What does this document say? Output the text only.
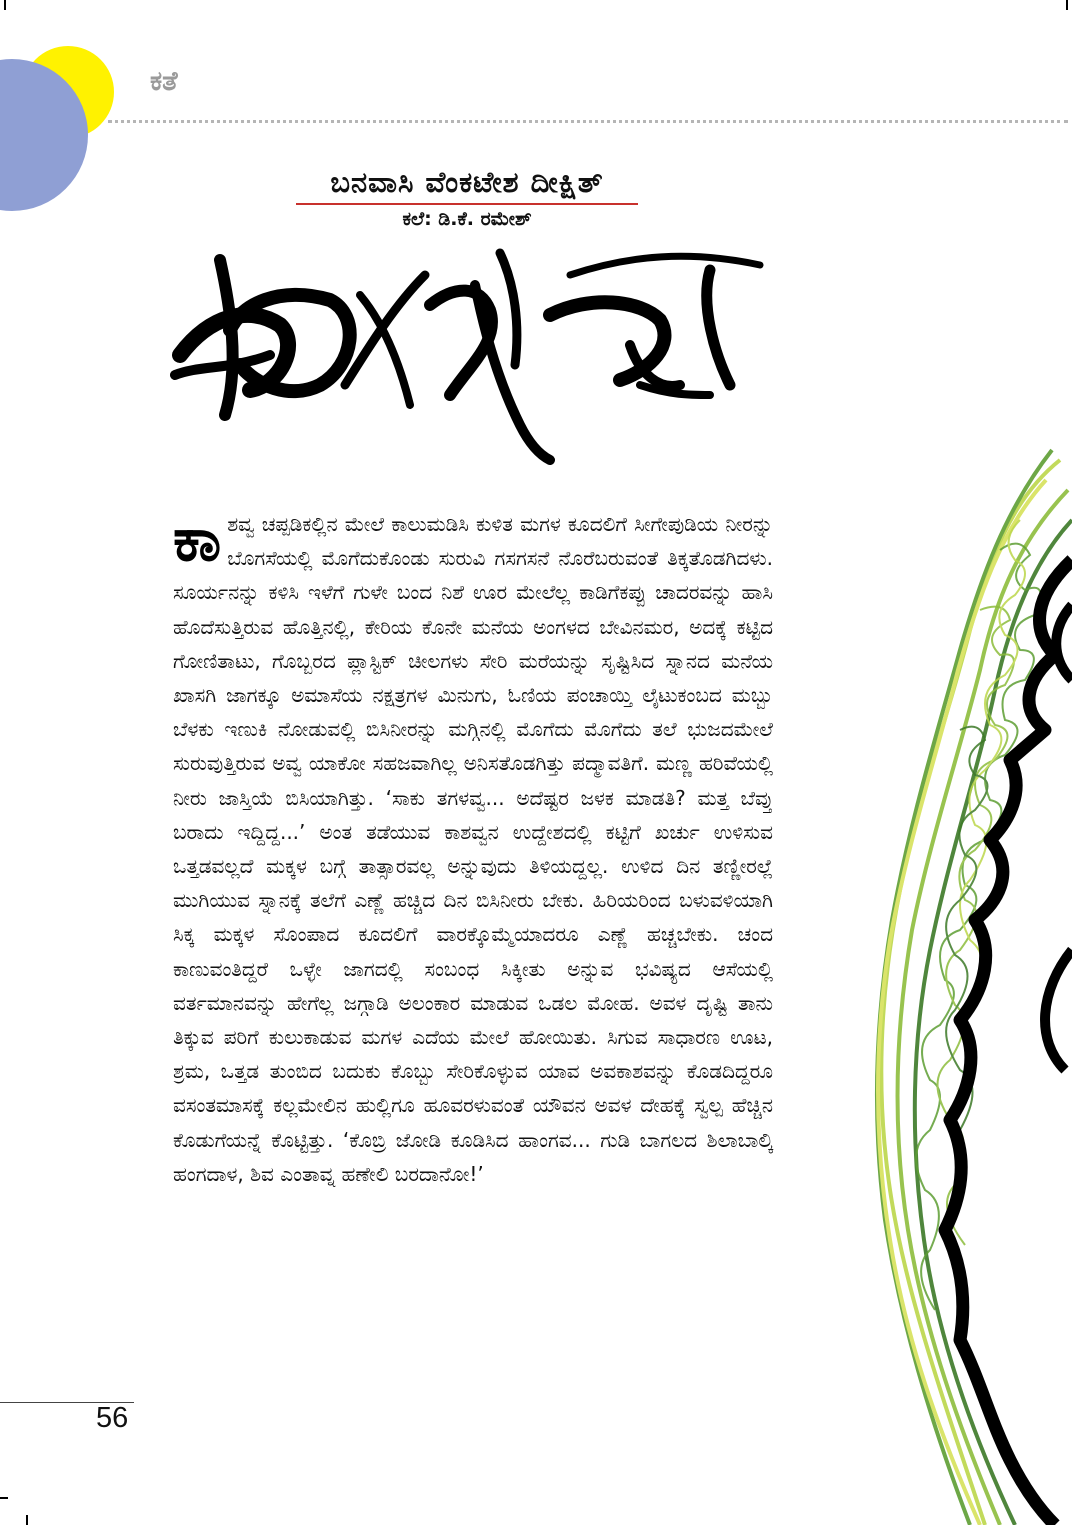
ಕತೆ
ಬನವಾಸಿ ವೆಂಕಟೇಶ ದೀಕ್ಷಿತ್
ಕಲೆ: ಡಿ.ಕೆ. ರಮೇಶ್
ಕಾ ಶವ್ವ ಚಪ್ಪಡಿಕಲ್ಲಿನ ಮೇಲೆ ಕಾಲುಮಡಿಸಿ ಕುಳಿತ ಮಗಳ ಕೂದಲಿಗೆ ಸೀಗೇಪುಡಿಯ ನೀರನ್ನು ಬೊಗಸೆಯಲ್ಲಿ ಮೊಗೆದುಕೊಂಡು ಸುರುವಿ ಗಸಗಸನೆ ನೊರೆಬರುವಂತೆ ತಿಕ್ಕತೊಡಗಿದಳು. ಸೂರ್ಯನನ್ನು ಕಳಿಸಿ ಇಳೆಗೆ ಗುಳೇ ಬಂದ ನಿಶೆ ಊರ ಮೇಲೆಲ್ಲ ಕಾಡಿಗೆಕಪ್ಪು ಚಾದರವನ್ನು ಹಾಸಿ ಹೊದೆಸುತ್ತಿರುವ ಹೊತ್ತಿನಲ್ಲಿ, ಕೇರಿಯ ಕೊನೇ ಮನೆಯ ಅಂಗಳದ ಬೇವಿನಮರ, ಅದಕ್ಕೆ ಕಟ್ಟಿದ ಗೋಣಿತಾಟು, ಗೊಬ್ಬರದ ಪ್ಲಾಸ್ಟಿಕ್ ಚೀಲಗಳು ಸೇರಿ ಮರೆಯನ್ನು ಸೃಷ್ಟಿಸಿದ ಸ್ನಾನದ ಮನೆಯ ಖಾಸಗಿ ಜಾಗಕ್ಕೂ ಅಮಾಸೆಯ ನಕ್ಷತ್ರಗಳ ಮಿನುಗು, ಓಣಿಯ ಪಂಚಾಯ್ತಿ ಲೈಟುಕಂಬದ ಮಬ್ಬು ಬೆಳಕು ಇಣುಕಿ ನೋಡುವಲ್ಲಿ ಬಿಸಿನೀರನ್ನು ಮಗ್ಗಿನಲ್ಲಿ ಮೊಗೆದು ಮೊಗೆದು ತಲೆ ಭುಜದಮೇಲೆ ಸುರುವುತ್ತಿರುವ ಅವ್ವ ಯಾಕೋ ಸಹಜವಾಗಿಲ್ಲ ಅನಿಸತೊಡಗಿತ್ತು ಪದ್ಮಾವತಿಗೆ. ಮಣ್ಣ ಹರಿವೆಯಲ್ಲಿ ನೀರು ಜಾಸ್ತಿಯೆ ಬಿಸಿಯಾಗಿತ್ತು. ‘ಸಾಕು ತಗಳವ್ವ... ಅದೆಷ್ಟರ ಜಳಕ ಮಾಡತಿ? ಮತ್ತ ಬೆವ್ತು ಬರಾದು ಇದ್ದಿದ್ದ...’ ಅಂತ ತಡೆಯುವ ಕಾಶವ್ವನ ಉದ್ದೇಶದಲ್ಲಿ ಕಟ್ಟಿಗೆ ಖರ್ಚು ಉಳಿಸುವ ಒತ್ತಡವಲ್ಲದೆ ಮಕ್ಕಳ ಬಗ್ಗೆ ತಾತ್ಸಾರವಲ್ಲ ಅನ್ನುವುದು ತಿಳಿಯದ್ದಲ್ಲ. ಉಳಿದ ದಿನ ತಣ್ಣೀರಲ್ಲೆ ಮುಗಿಯುವ ಸ್ನಾನಕ್ಕೆ ತಲೆಗೆ ಎಣ್ಣೆ ಹಚ್ಚಿದ ದಿನ ಬಿಸಿನೀರು ಬೇಕು. ಹಿರಿಯರಿಂದ ಬಳುವಳಿಯಾಗಿ ಸಿಕ್ಕ ಮಕ್ಕಳ ಸೊಂಪಾದ ಕೂದಲಿಗೆ ವಾರಕ್ಕೊಮ್ಮೆಯಾದರೂ ಎಣ್ಣೆ ಹಚ್ಚಬೇಕು. ಚಂದ ಕಾಣುವಂತಿದ್ದರೆ ಒಳ್ಳೇ ಜಾಗದಲ್ಲಿ ಸಂಬಂಧ ಸಿಕ್ಕೀತು ಅನ್ನುವ ಭವಿಷ್ಯದ ಆಸೆಯಲ್ಲಿ ವರ್ತಮಾನವನ್ನು ಹೇಗೆಲ್ಲ ಜಗ್ಗಾಡಿ ಅಲಂಕಾರ ಮಾಡುವ ಒಡಲ ಮೋಹ. ಅವಳ ದೃಷ್ಟಿ ತಾನು ತಿಕ್ಕುವ ಪರಿಗೆ ಕುಲುಕಾಡುವ ಮಗಳ ಎದೆಯ ಮೇಲೆ ಹೋಯಿತು. ಸಿಗುವ ಸಾಧಾರಣ ಊಟ, ಶ್ರಮ, ಒತ್ತಡ ತುಂಬಿದ ಬದುಕು ಕೊಬ್ಬು ಸೇರಿಕೊಳ್ಳುವ ಯಾವ ಅವಕಾಶವನ್ನು ಕೊಡದಿದ್ದರೂ ವಸಂತಮಾಸಕ್ಕೆ ಕಲ್ಲಮೇಲಿನ ಹುಲ್ಲಿಗೂ ಹೂವರಳುವಂತೆ ಯೌವನ ಅವಳ ದೇಹಕ್ಕೆ ಸ್ವಲ್ಪ ಹೆಚ್ಚಿನ ಕೊಡುಗೆಯನ್ನೆ ಕೊಟ್ಟಿತ್ತು. ‘ಕೊಬ್ರಿ ಜೋಡಿ ಕೂಡಿಸಿದ ಹಾಂಗವ... ಗುಡಿ ಬಾಗಲದ ಶಿಲಾಬಾಲ್ಕಿ ಹಂಗದಾಳ, ಶಿವ ಎಂತಾವ್ನ ಹಣೇಲಿ ಬರದಾನೋ!’
56
